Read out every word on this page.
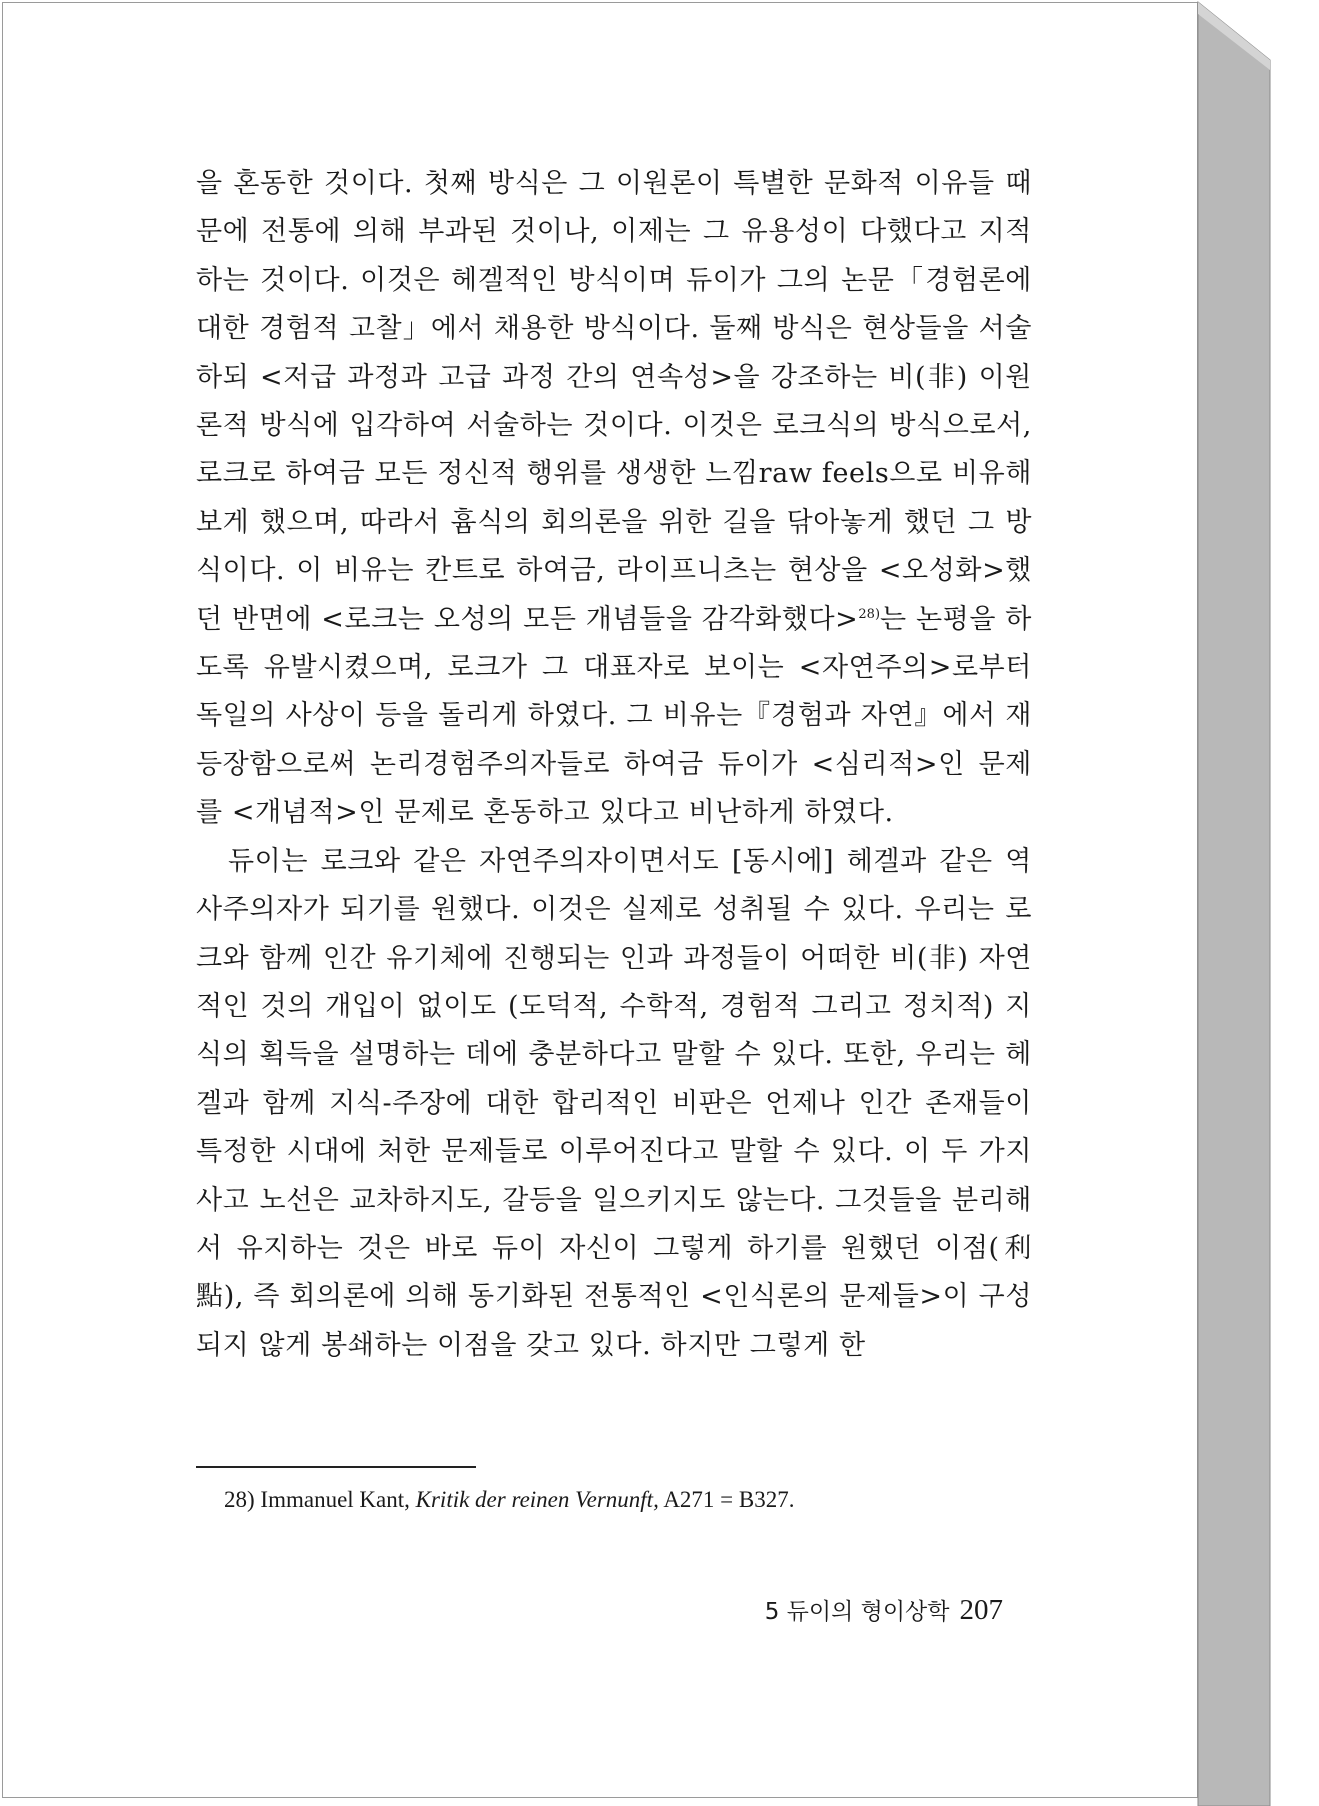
을 혼동한 것이다. 첫째 방식은 그 이원론이 특별한 문화적 이유들 때문에 전통에 의해 부과된 것이나, 이제는 그 유용성이 다했다고 지적하는 것이다. 이것은 헤겔적인 방식이며 듀이가 그의 논문「경험론에 대한 경험적 고찰」에서 채용한 방식이다. 둘째 방식은 현상들을 서술하되 <저급 과정과 고급 과정 간의 연속성>을 강조하는 비(非) 이원론적 방식에 입각하여 서술하는 것이다. 이것은 로크식의 방식으로서, 로크로 하여금 모든 정신적 행위를 생생한 느낌raw feels으로 비유해 보게 했으며, 따라서 흄식의 회의론을 위한 길을 닦아놓게 했던 그 방식이다. 이 비유는 칸트로 하여금, 라이프니츠는 현상을 <오성화>했던 반면에 <로크는 오성의 모든 개념들을 감각화했다>$^{28)}$는 논평을 하도록 유발시켰으며, 로크가 그 대표자로 보이는 <자연주의>로부터 독일의 사상이 등을 돌리게 하였다. 그 비유는『경험과 자연』에서 재등장함으로써 논리경험주의자들로 하여금 듀이가 <심리적>인 문제를 <개념적>인 문제로 혼동하고 있다고 비난하게 하였다.

듀이는 로크와 같은 자연주의자이면서도 [동시에] 헤겔과 같은 역사주의자가 되기를 원했다. 이것은 실제로 성취될 수 있다. 우리는 로크와 함께 인간 유기체에 진행되는 인과 과정들이 어떠한 비(非) 자연적인 것의 개입이 없이도 (도덕적, 수학적, 경험적 그리고 정치적) 지식의 획득을 설명하는 데에 충분하다고 말할 수 있다. 또한, 우리는 헤겔과 함께 지식-주장에 대한 합리적인 비판은 언제나 인간 존재들이 특정한 시대에 처한 문제들로 이루어진다고 말할 수 있다. 이 두 가지 사고 노선은 교차하지도, 갈등을 일으키지도 않는다. 그것들을 분리해서 유지하는 것은 바로 듀이 자신이 그렇게 하기를 원했던 이점(利點), 즉 회의론에 의해 동기화된 전통적인 <인식론의 문제들>이 구성되지 않게 봉쇄하는 이점을 갖고 있다. 하지만 그렇게 한

28) Immanuel Kant, Kritik der reinen Vernunft, A271 = B327.
5 듀이의 형이상학 207
